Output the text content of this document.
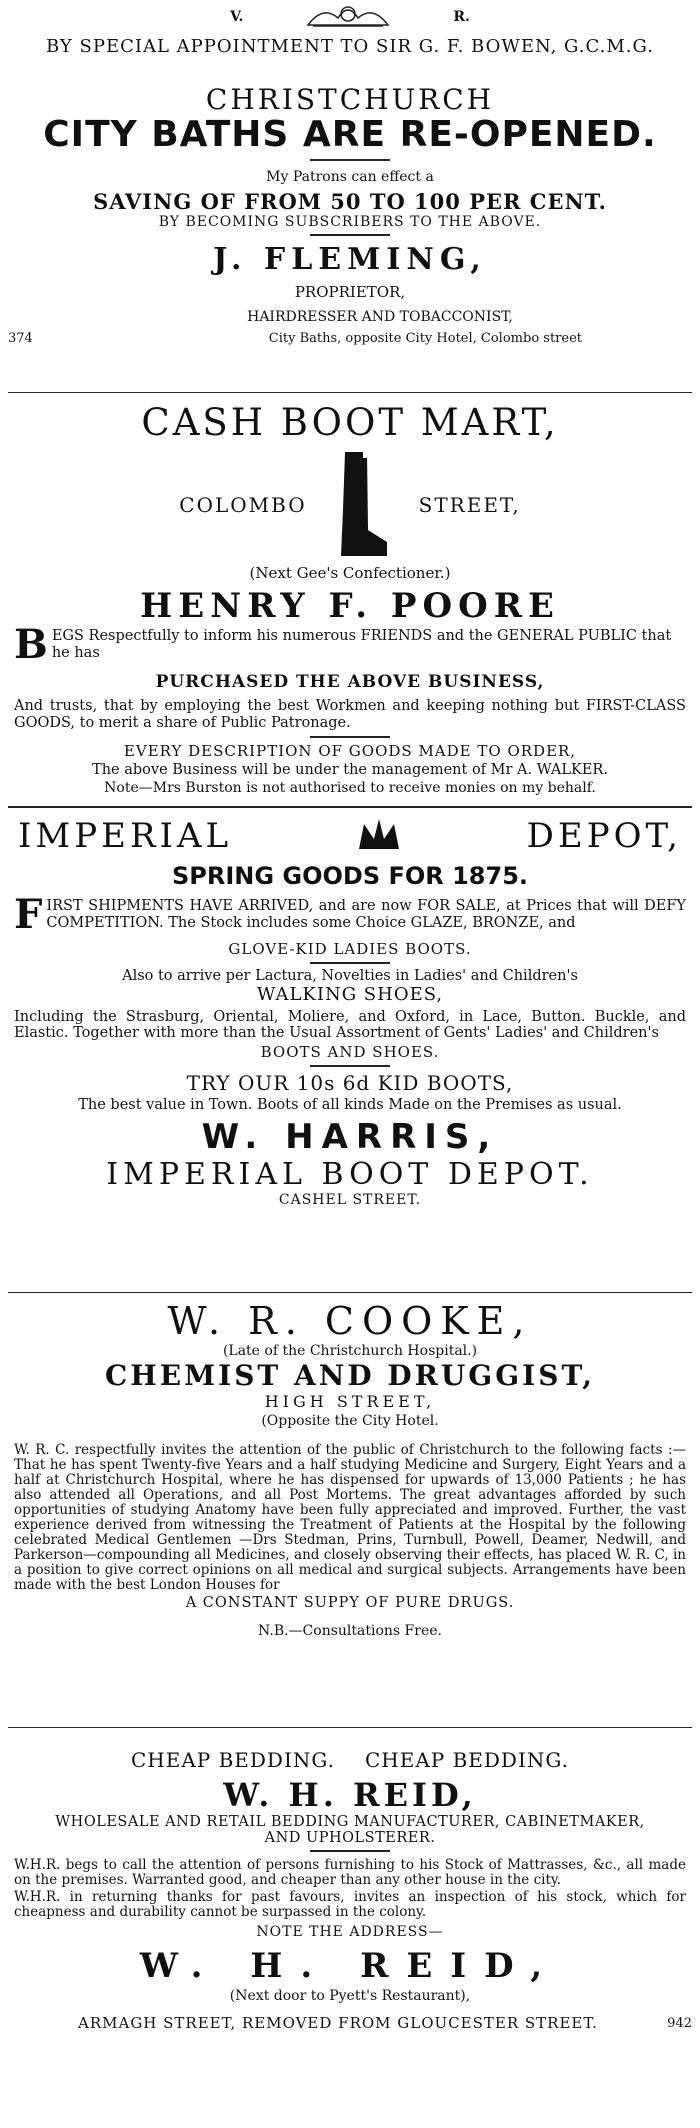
V.	R.
BY SPECIAL APPOINTMENT TO SIR G. F. BOWEN, G.C.M.G.
CHRISTCHURCH
CITY BATHS ARE RE-OPENED.
My Patrons can effect a
SAVING OF FROM 50 TO 100 PER CENT.
BY BECOMING SUBSCRIBERS TO THE ABOVE.
J. FLEMING,
PROPRIETOR,
HAIRDRESSER AND TOBACCONIST,
374	City Baths, opposite City Hotel, Colombo street
CASH BOOT MART,
COLOMBO	STREET,
(Next Gee's Confectioner.)
HENRY F. POORE
B EGS Respectfully to inform his numerous FRIENDS and the GENERAL PUBLIC that he has
PURCHASED THE ABOVE BUSINESS,
And trusts, that by employing the best Workmen and keeping nothing but FIRST-CLASS GOODS, to merit a share of Public Patronage.
EVERY DESCRIPTION OF GOODS MADE TO ORDER,
The above Business will be under the management of Mr A. WALKER.
Note—Mrs Burston is not authorised to receive monies on my behalf.
IMPERIAL	DEPOT,
SPRING GOODS FOR 1875.
F IRST SHIPMENTS HAVE ARRIVED, and are now FOR SALE, at Prices that will DEFY COMPETITION. The Stock includes some Choice GLAZE, BRONZE, and
GLOVE-KID LADIES BOOTS.
Also to arrive per Lactura, Novelties in Ladies' and Children's
WALKING SHOES,
Including the Strasburg, Oriental, Moliere, and Oxford, in Lace, Button. Buckle, and Elastic. Together with more than the Usual Assortment of Gents' Ladies' and Children's
BOOTS AND SHOES.
TRY OUR 10s 6d KID BOOTS,
The best value in Town. Boots of all kinds Made on the Premises as usual.
W. HARRIS,
IMPERIAL BOOT DEPOT.
CASHEL STREET.
W. R. COOKE,
(Late of the Christchurch Hospital.)
CHEMIST AND DRUGGIST,
HIGH STREET,
(Opposite the City Hotel.
W. R. C. respectfully invites the attention of the public of Christchurch to the following facts :—That he has spent Twenty-five Years and a half studying Medicine and Surgery, Eight Years and a half at Christchurch Hospital, where he has dispensed for upwards of 13,000 Patients ; he has also attended all Operations, and all Post Mortems. The great advantages afforded by such opportunities of studying Anatomy have been fully appreciated and improved. Further, the vast experience derived from witnessing the Treatment of Patients at the Hospital by the following celebrated Medical Gentlemen —Drs Stedman, Prins, Turnbull, Powell, Deamer, Nedwill, and Parkerson—compounding all Medicines, and closely observing their effects, has placed W. R. C, in a position to give correct opinions on all medical and surgical subjects. Arrangements have been made with the best London Houses for
A CONSTANT SUPPY OF PURE DRUGS.
N.B.—Consultations Free.
CHEAP BEDDING. CHEAP BEDDING.
W. H. REID,
WHOLESALE AND RETAIL BEDDING MANUFACTURER, CABINETMAKER,
AND UPHOLSTERER.
W.H.R. begs to call the attention of persons furnishing to his Stock of Mattrasses, &c., all made on the premises. Warranted good, and cheaper than any other house in the city.
W.H.R. in returning thanks for past favours, invites an inspection of his stock, which for cheapness and durability cannot be surpassed in the colony.
NOTE THE ADDRESS—
W. H. REID,
(Next door to Pyett's Restaurant),
ARMAGH STREET, REMOVED FROM GLOUCESTER STREET.	942
